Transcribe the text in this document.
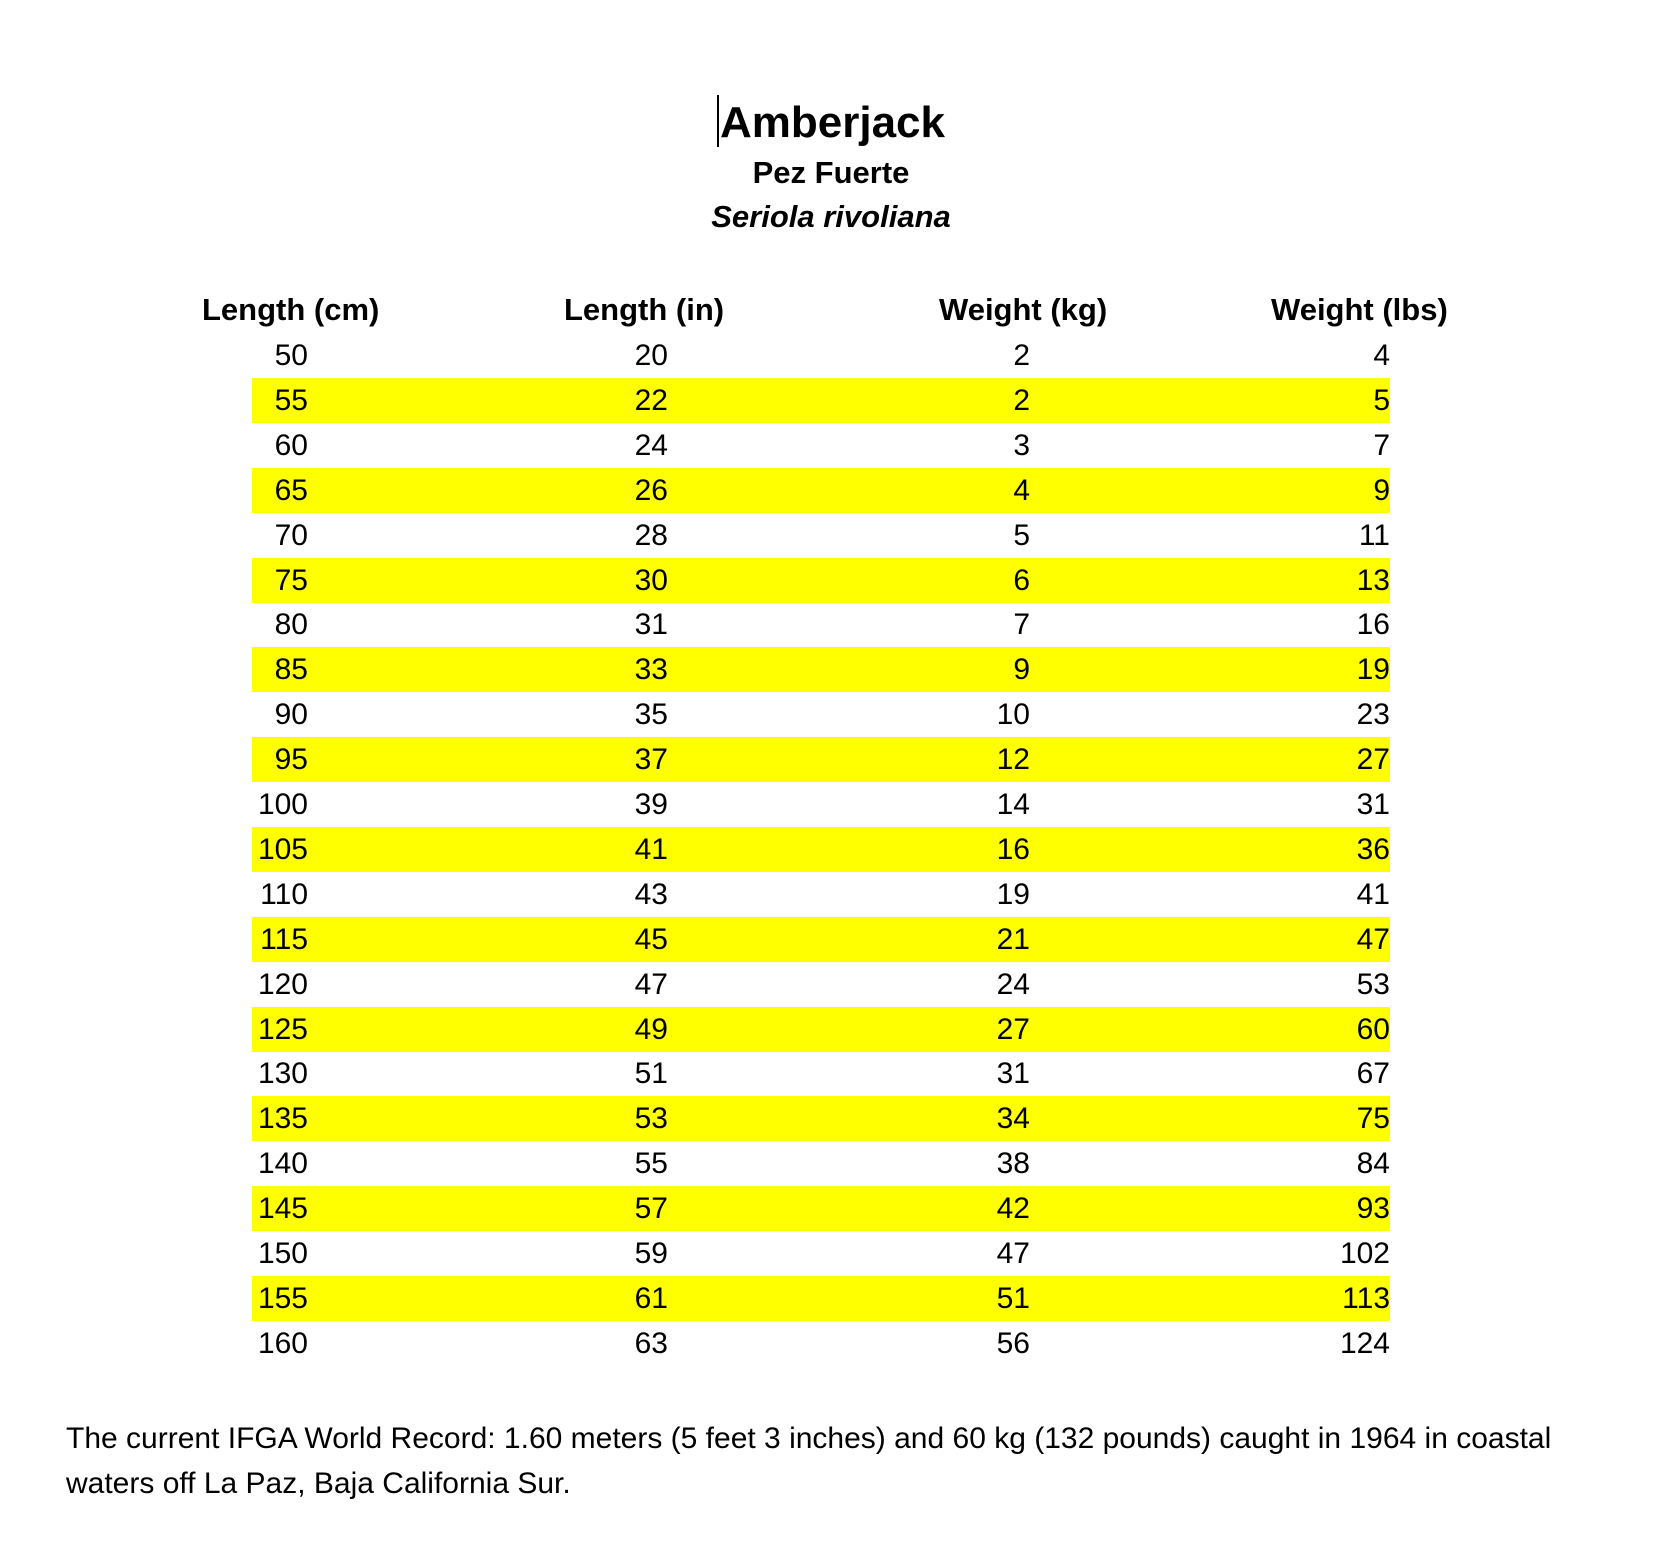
Amberjack
Pez Fuerte
Seriola rivoliana
Length (cm)	Length (in)	Weight (kg)	Weight (lbs)
50	20	2	4
55	22	2	5
60	24	3	7
65	26	4	9
70	28	5	11
75	30	6	13
80	31	7	16
85	33	9	19
90	35	10	23
95	37	12	27
100	39	14	31
105	41	16	36
110	43	19	41
115	45	21	47
120	47	24	53
125	49	27	60
130	51	31	67
135	53	34	75
140	55	38	84
145	57	42	93
150	59	47	102
155	61	51	113
160	63	56	124
The current IFGA World Record: 1.60 meters (5 feet 3 inches) and 60 kg (132 pounds) caught in 1964 in coastal waters off La Paz, Baja California Sur.
